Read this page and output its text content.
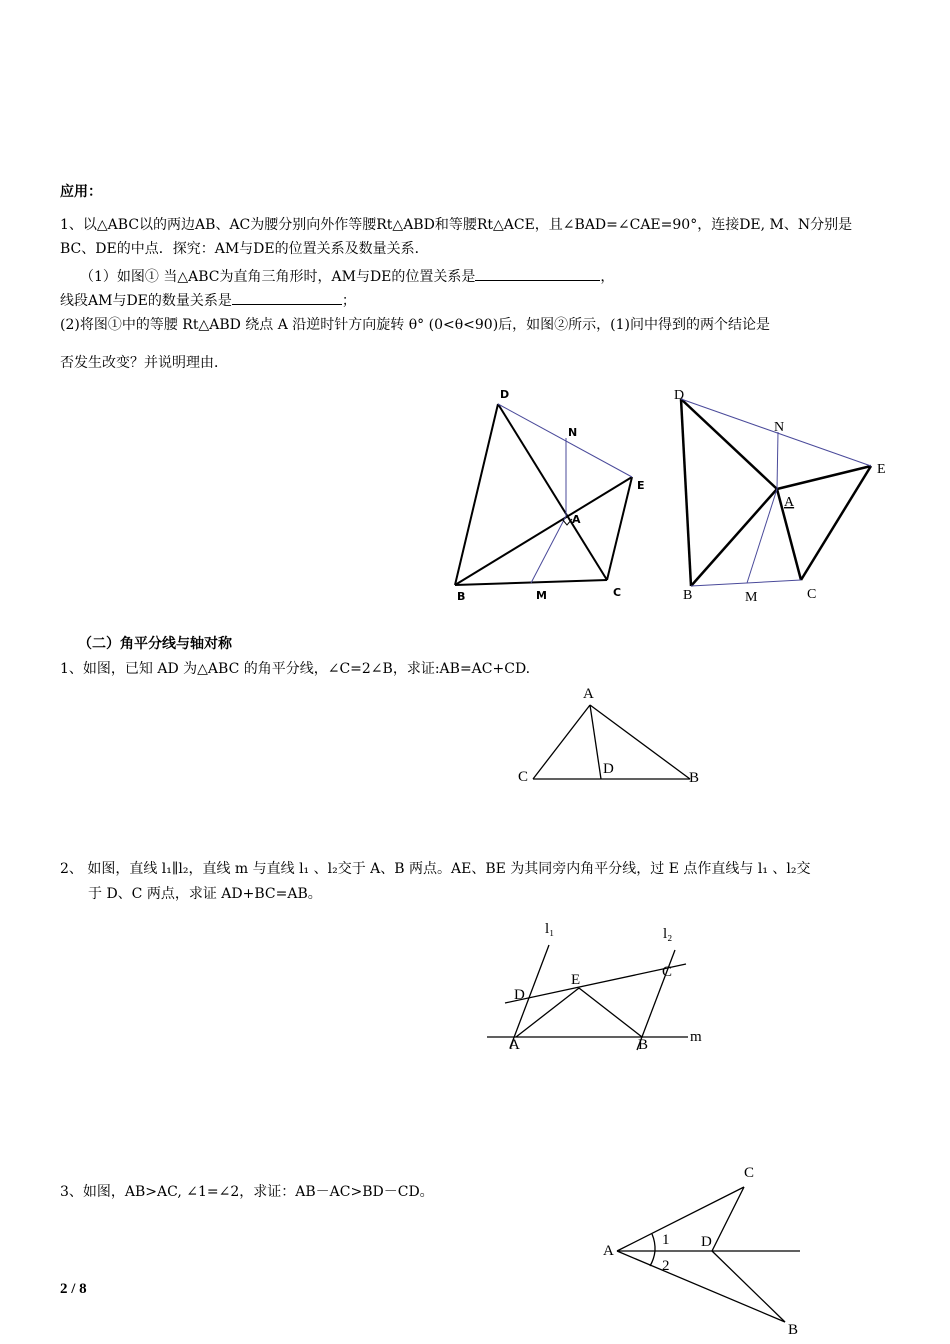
应用：
1、以△ABC以的两边AB、AC为腰分别向外作等腰Rt△ABD和等腰Rt△ACE，且∠BAD=∠CAE=90°，连接DE, M、N分别是
BC、DE的中点．探究：AM与DE的位置关系及数量关系．
（1）如图① 当△ABC为直角三角形时，AM与DE的位置关系是	，
线段AM与DE的数量关系是	；
(2)将图①中的等腰 Rt△ABD 绕点 A 沿逆时针方向旋转 θ° (0<θ<90)后，如图②所示，(1)问中得到的两个结论是
否发生改变？并说明理由．
D
N
E
A
B	M	C
D
N
E
A
B	M	C
（二）角平分线与轴对称
1、如图，已知 AD 为△ABC 的角平分线，∠C=2∠B，求证:AB=AC+CD.
A
C	D
B
2、 如图，直线 l₁∥l₂，直线 m 与直线 l₁ 、l₂交于 A、B 两点。AE、BE 为其同旁内角平分线，过 E 点作直线与 l₁ 、l₂交
于 D、C 两点，求证 AD+BC=AB。
l₁	l₂
E	C
D
A	B	m
3、如图，AB>AC, ∠1=∠2，求证：AB－AC>BD－CD。
C
A
1
2
D
B
2 / 8
